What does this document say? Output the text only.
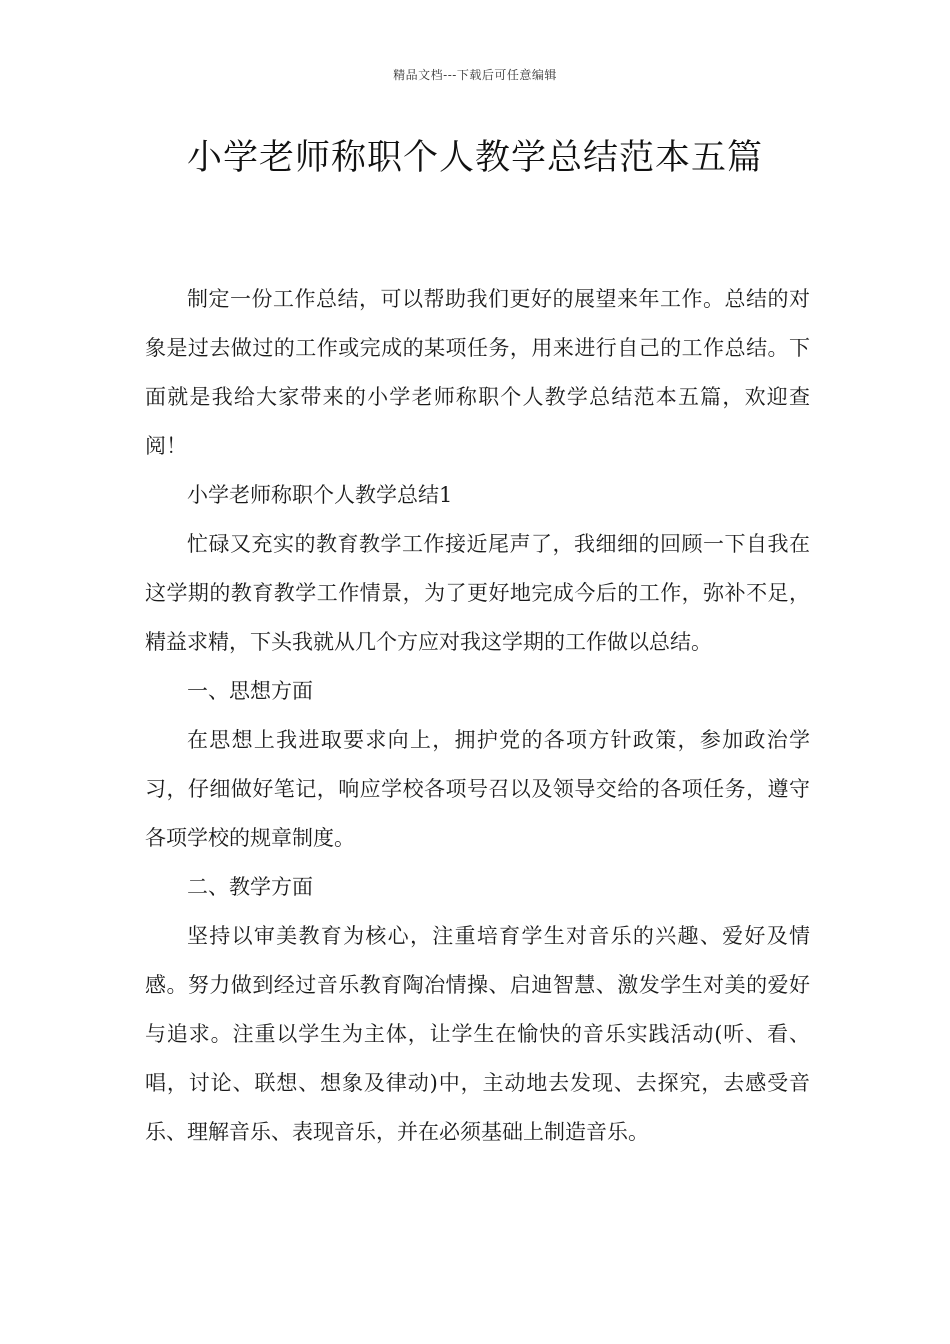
精品文档---下载后可任意编辑
小学老师称职个人教学总结范本五篇

制定一份工作总结，可以帮助我们更好的展望来年工作。总结的对象是过去做过的工作或完成的某项任务，用来进行自己的工作总结。下面就是我给大家带来的小学老师称职个人教学总结范本五篇，欢迎查阅！

小学老师称职个人教学总结1

忙碌又充实的教育教学工作接近尾声了，我细细的回顾一下自我在这学期的教育教学工作情景，为了更好地完成今后的工作，弥补不足，精益求精，下头我就从几个方应对我这学期的工作做以总结。

一、思想方面

在思想上我进取要求向上，拥护党的各项方针政策，参加政治学习，仔细做好笔记，响应学校各项号召以及领导交给的各项任务，遵守各项学校的规章制度。

二、教学方面

坚持以审美教育为核心，注重培育学生对音乐的兴趣、爱好及情感。努力做到经过音乐教育陶冶情操、启迪智慧、激发学生对美的爱好与追求。注重以学生为主体，让学生在愉快的音乐实践活动(听、看、唱，讨论、联想、想象及律动)中，主动地去发现、去探究，去感受音乐、理解音乐、表现音乐，并在必须基础上制造音乐。
